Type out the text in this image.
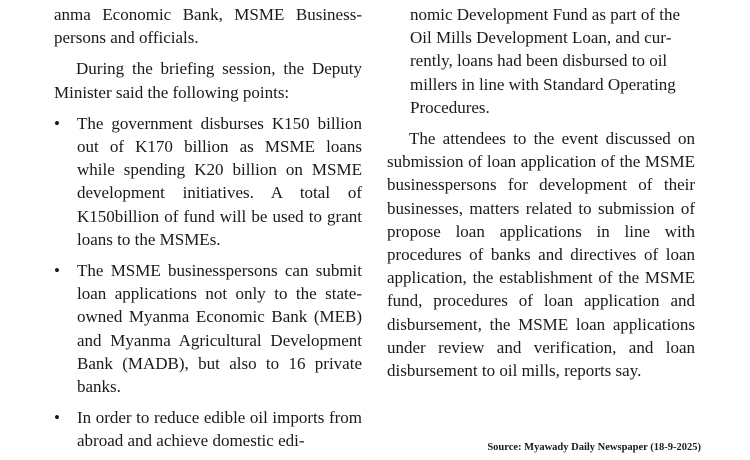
anma Economic Bank, MSME Businesspersons and officials.

During the briefing session, the Deputy Minister said the following points:

• The government disburses K150 billion out of K170 billion as MSME loans while spending K20 billion on MSME development initiatives. A total of K150billion of fund will be used to grant loans to the MSMEs.
• The MSME businesspersons can submit loan applications not only to the stateowned Myanma Economic Bank (MEB) and Myanma Agricultural Development Bank (MADB), but also to 16 private banks.
• In order to reduce edible oil imports from abroad and achieve domestic edi-

nomic Development Fund as part of the Oil Mills Development Loan, and currently, loans had been disbursed to oil millers in line with Standard Operating Procedures.

The attendees to the event discussed on submission of loan application of the MSME businesspersons for development of their businesses, matters related to submission of propose loan applications in line with procedures of banks and directives of loan application, the establishment of the MSME fund, procedures of loan application and disbursement, the MSME loan applications under review and verification, and loan disbursement to oil mills, reports say.

Source: Myawady Daily Newspaper (18-9-2025)
